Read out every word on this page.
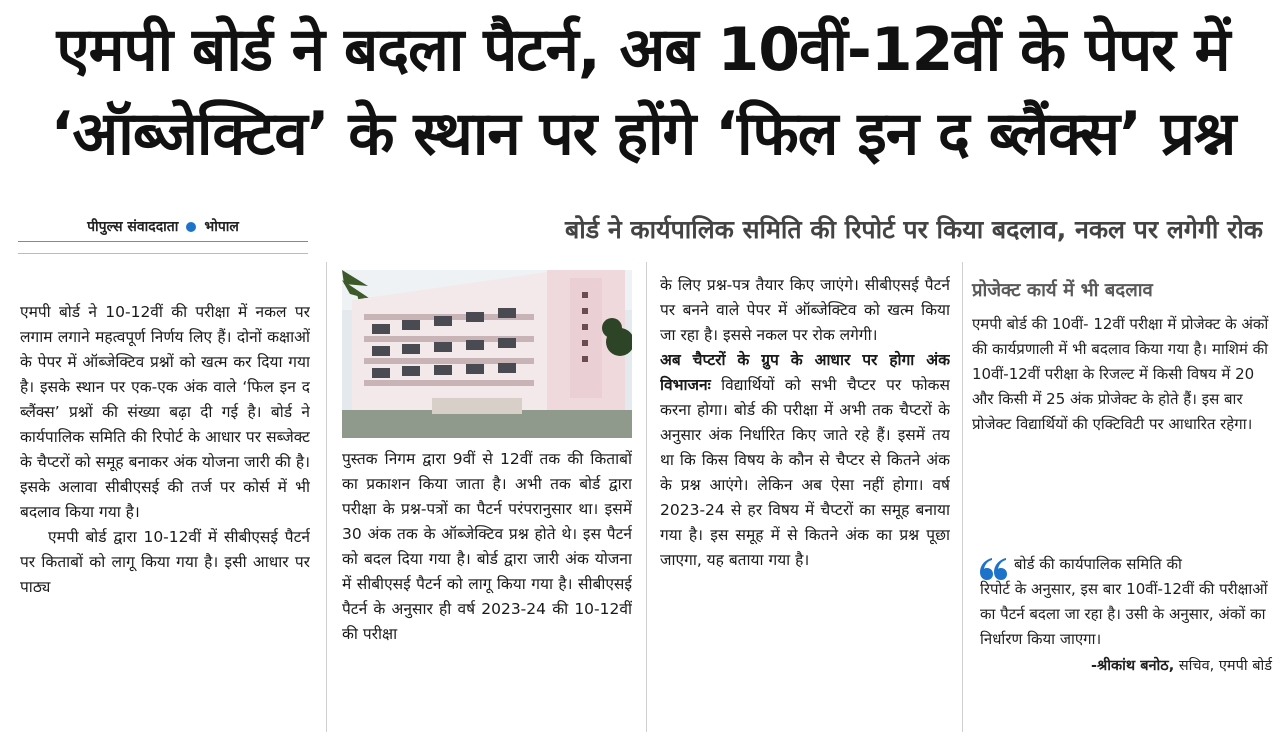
एमपी बोर्ड ने बदला पैटर्न, अब 10वीं-12वीं के पेपर में
‘ऑब्जेक्टिव’ के स्थान पर होंगे ‘फिल इन द ब्लैंक्स’ प्रश्न
पीपुल्स संवाददाता भोपाल	बोर्ड ने कार्यपालिक समिति की रिपोर्ट पर किया बदलाव, नकल पर लगेगी रोक

एमपी बोर्ड ने 10-12वीं की परीक्षा में नकल पर लगाम लगाने महत्वपूर्ण निर्णय लिए हैं। दोनों कक्षाओं के पेपर में ऑब्जेक्टिव प्रश्नों को खत्म कर दिया गया है। इसके स्थान पर एक-एक अंक वाले ‘फिल इन द ब्लैंक्स’ प्रश्नों की संख्या बढ़ा दी गई है। बोर्ड ने कार्यपालिक समिति की रिपोर्ट के आधार पर सब्जेक्ट के चैप्टरों को समूह बनाकर अंक योजना जारी की है। इसके अलावा सीबीएसई की तर्ज पर कोर्स में भी बदलाव किया गया है।

एमपी बोर्ड द्वारा 10-12वीं में सीबीएसई पैटर्न पर किताबों को लागू किया गया है। इसी आधार पर पाठ्य

पुस्तक निगम द्वारा 9वीं से 12वीं तक की किताबों का प्रकाशन किया जाता है। अभी तक बोर्ड द्वारा परीक्षा के प्रश्न-पत्रों का पैटर्न परंपरानुसार था। इसमें 30 अंक तक के ऑब्जेक्टिव प्रश्न होते थे। इस पैटर्न को बदल दिया गया है। बोर्ड द्वारा जारी अंक योजना में सीबीएसई पैटर्न को लागू किया गया है। सीबीएसई पैटर्न के अनुसार ही वर्ष 2023-24 की 10-12वीं की परीक्षा
के लिए प्रश्न-पत्र तैयार किए जाएंगे। सीबीएसई पैटर्न पर बनने वाले पेपर में ऑब्जेक्टिव को खत्म किया जा रहा है। इससे नकल पर रोक लगेगी।
अब चैप्टरों के ग्रुप के आधार पर होगा अंक विभाजनः विद्यार्थियों को सभी चैप्टर पर फोकस करना होगा। बोर्ड की परीक्षा में अभी तक चैप्टरों के अनुसार अंक निर्धारित किए जाते रहे हैं। इसमें तय था कि किस विषय के कौन से चैप्टर से कितने अंक के प्रश्न आएंगे। लेकिन अब ऐसा नहीं होगा। वर्ष 2023-24 से हर विषय में चैप्टरों का समूह बनाया गया है। इस समूह में से कितने अंक का प्रश्न पूछा जाएगा, यह बताया गया है।
प्रोजेक्ट कार्य में भी बदलाव
एमपी बोर्ड की 10वीं- 12वीं परीक्षा में प्रोजेक्ट के अंकों की कार्यप्रणाली में भी बदलाव किया गया है। माशिमं की 10वीं-12वीं परीक्षा के रिजल्ट में किसी विषय में 20 और किसी में 25 अंक प्रोजेक्ट के होते हैं। इस बार प्रोजेक्ट विद्यार्थियों की एक्टिविटी पर आधारित रहेगा।
बोर्ड की कार्यपालिक समिति की
रिपोर्ट के अनुसार, इस बार 10वीं-12वीं की परीक्षाओं का पैटर्न बदला जा रहा है। उसी के अनुसार, अंकों का निर्धारण किया जाएगा।
-श्रीकांथ बनोठ, सचिव, एमपी बोर्ड
